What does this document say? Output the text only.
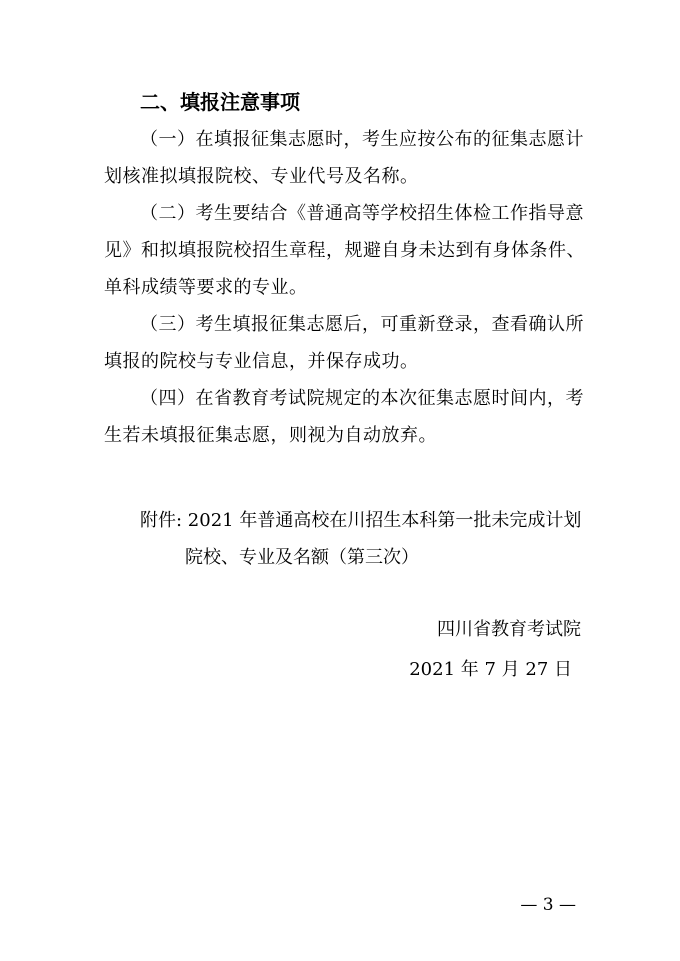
二、填报注意事项
（一）在填报征集志愿时，考生应按公布的征集志愿计
划核准拟填报院校、专业代号及名称。
（二）考生要结合《普通高等学校招生体检工作指导意
见》和拟填报院校招生章程，规避自身未达到有身体条件、
单科成绩等要求的专业。
（三）考生填报征集志愿后，可重新登录，查看确认所
填报的院校与专业信息，并保存成功。
（四）在省教育考试院规定的本次征集志愿时间内，考
生若未填报征集志愿，则视为自动放弃。
附件: 2021 年普通高校在川招生本科第一批未完成计划
院校、专业及名额（第三次）
四川省教育考试院
2021 年 7 月 27 日
— 3 —
